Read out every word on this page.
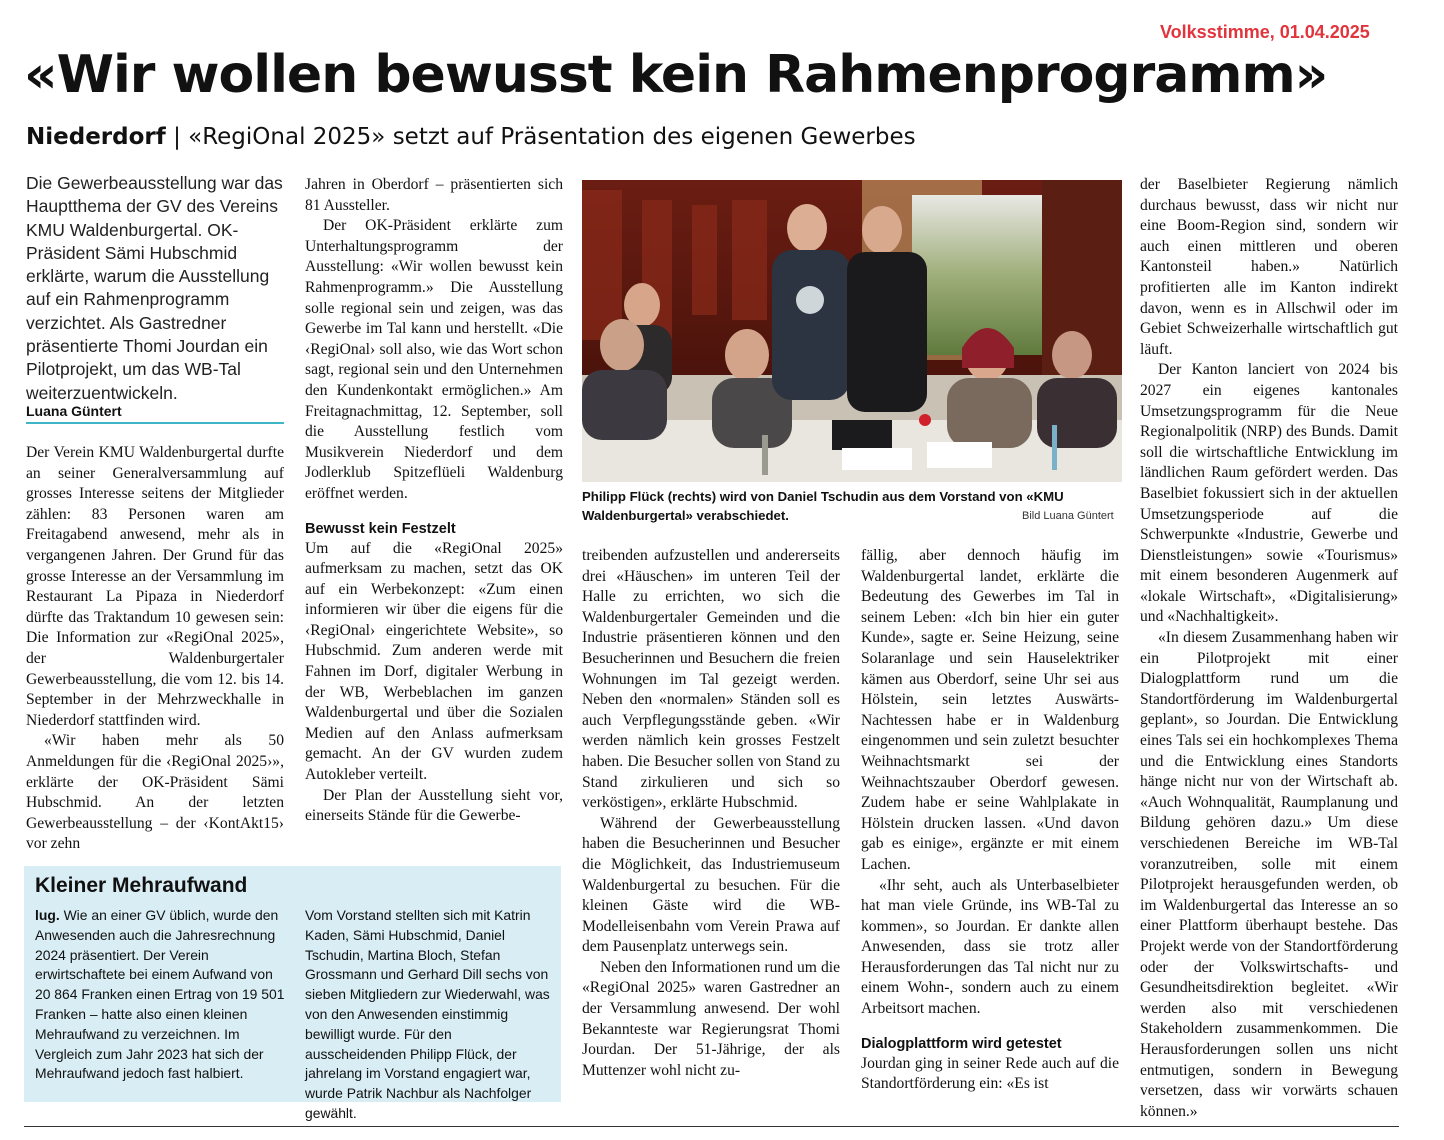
Volksstimme, 01.04.2025
«Wir wollen bewusst kein Rahmenprogramm»
Niederdorf | «RegiOnal 2025» setzt auf Präsentation des eigenen Gewerbes

Die Gewerbeausstellung war das Hauptthema der GV des Vereins KMU Waldenburgertal. OK-Präsident Sämi Hubschmid erklärte, warum die Ausstellung auf ein Rahmenprogramm verzichtet. Als Gastredner präsentierte Thomi Jourdan ein Pilotprojekt, um das WB-Tal weiterzuentwickeln.

Luana Güntert

Der Verein KMU Waldenburgertal durfte an seiner Generalversammlung auf grosses Interesse seitens der Mitglieder zählen: 83 Personen waren am Freitagabend anwesend, mehr als in vergangenen Jahren. Der Grund für das grosse Interesse an der Versammlung im Restaurant La Pipaza in Niederdorf dürfte das Traktandum 10 gewesen sein: Die Information zur «RegiOnal 2025», der Waldenburgertaler Gewerbeausstellung, die vom 12. bis 14. September in der Mehrzweckhalle in Niederdorf stattfinden wird.

«Wir haben mehr als 50 Anmeldungen für die ‹RegiOnal 2025›», erklärte der OK-Präsident Sämi Hubschmid. An der letzten Gewerbeausstellung – der ‹KontAkt15› vor zehn

Jahren in Oberdorf – präsentierten sich 81 Aussteller.

Der OK-Präsident erklärte zum Unterhaltungsprogramm der Ausstellung: «Wir wollen bewusst kein Rahmenprogramm.» Die Ausstellung solle regional sein und zeigen, was das Gewerbe im Tal kann und herstellt. «Die ‹RegiOnal› soll also, wie das Wort schon sagt, regional sein und den Unternehmen den Kundenkontakt ermöglichen.» Am Freitagnachmittag, 12. September, soll die Ausstellung festlich vom Musikverein Niederdorf und dem Jodlerklub Spitzeflüeli Waldenburg eröffnet werden.

Bewusst kein Festzelt

Um auf die «RegiOnal 2025» aufmerksam zu machen, setzt das OK auf ein Werbekonzept: «Zum einen informieren wir über die eigens für die ‹RegiOnal› eingerichtete Website», so Hubschmid. Zum anderen werde mit Fahnen im Dorf, digitaler Werbung in der WB, Werbeblachen im ganzen Waldenburgertal und über die Sozialen Medien auf den Anlass aufmerksam gemacht. An der GV wurden zudem Autokleber verteilt.

Der Plan der Ausstellung sieht vor, einerseits Stände für die Gewerbe-

Philipp Flück (rechts) wird von Daniel Tschudin aus dem Vorstand von «KMU Waldenburgertal» verabschiedet.	Bild Luana Güntert

treibenden aufzustellen und andererseits drei «Häuschen» im unteren Teil der Halle zu errichten, wo sich die Waldenburgertaler Gemeinden und die Industrie präsentieren können und den Besucherinnen und Besuchern die freien Wohnungen im Tal gezeigt werden. Neben den «normalen» Ständen soll es auch Verpflegungsstände geben. «Wir werden nämlich kein grosses Festzelt haben. Die Besucher sollen von Stand zu Stand zirkulieren und sich so verköstigen», erklärte Hubschmid.

Während der Gewerbeausstellung haben die Besucherinnen und Besucher die Möglichkeit, das Industriemuseum Waldenburgertal zu besuchen. Für die kleinen Gäste wird die WB-Modelleisenbahn vom Verein Prawa auf dem Pausenplatz unterwegs sein.

Neben den Informationen rund um die «RegiOnal 2025» waren Gastredner an der Versammlung anwesend. Der wohl Bekannteste war Regierungsrat Thomi Jourdan. Der 51-Jährige, der als Muttenzer wohl nicht zu-

fällig, aber dennoch häufig im Waldenburgertal landet, erklärte die Bedeutung des Gewerbes im Tal in seinem Leben: «Ich bin hier ein guter Kunde», sagte er. Seine Heizung, seine Solaranlage und sein Hauselektriker kämen aus Oberdorf, seine Uhr sei aus Hölstein, sein letztes Auswärts-Nachtessen habe er in Waldenburg eingenommen und sein zuletzt besuchter Weihnachtsmarkt sei der Weihnachtszauber Oberdorf gewesen. Zudem habe er seine Wahlplakate in Hölstein drucken lassen. «Und davon gab es einige», ergänzte er mit einem Lachen.

«Ihr seht, auch als Unterbaselbieter hat man viele Gründe, ins WB-Tal zu kommen», so Jourdan. Er dankte allen Anwesenden, dass sie trotz aller Herausforderungen das Tal nicht nur zu einem Wohn-, sondern auch zu einem Arbeitsort machen.

Dialogplattform wird getestet

Jourdan ging in seiner Rede auch auf die Standortförderung ein: «Es ist

der Baselbieter Regierung nämlich durchaus bewusst, dass wir nicht nur eine Boom-Region sind, sondern wir auch einen mittleren und oberen Kantonsteil haben.» Natürlich profitierten alle im Kanton indirekt davon, wenn es in Allschwil oder im Gebiet Schweizerhalle wirtschaftlich gut läuft.

Der Kanton lanciert von 2024 bis 2027 ein eigenes kantonales Umsetzungsprogramm für die Neue Regionalpolitik (NRP) des Bunds. Damit soll die wirtschaftliche Entwicklung im ländlichen Raum gefördert werden. Das Baselbiet fokussiert sich in der aktuellen Umsetzungsperiode auf die Schwerpunkte «Industrie, Gewerbe und Dienstleistungen» sowie «Tourismus» mit einem besonderen Augenmerk auf «lokale Wirtschaft», «Digitalisierung» und «Nachhaltigkeit».

«In diesem Zusammenhang haben wir ein Pilotprojekt mit einer Dialogplattform rund um die Standortförderung im Waldenburgertal geplant», so Jourdan. Die Entwicklung eines Tals sei ein hochkomplexes Thema und die Entwicklung eines Standorts hänge nicht nur von der Wirtschaft ab. «Auch Wohnqualität, Raumplanung und Bildung gehören dazu.» Um diese verschiedenen Bereiche im WB-Tal voranzutreiben, solle mit einem Pilotprojekt herausgefunden werden, ob im Waldenburgertal das Interesse an so einer Plattform überhaupt bestehe. Das Projekt werde von der Standortförderung oder der Volkswirtschafts- und Gesundheitsdirektion begleitet. «Wir werden also mit verschiedenen Stakeholdern zusammenkommen. Die Herausforderungen sollen uns nicht entmutigen, sondern in Bewegung versetzen, dass wir vorwärts schauen können.»

Kleiner Mehraufwand
lug. Wie an einer GV üblich, wurde den Anwesenden auch die Jahresrechnung 2024 präsentiert. Der Verein erwirtschaftete bei einem Aufwand von 20 864 Franken einen Ertrag von 19 501 Franken – hatte also einen kleinen Mehraufwand zu verzeichnen. Im Vergleich zum Jahr 2023 hat sich der Mehraufwand jedoch fast halbiert.
Vom Vorstand stellten sich mit Katrin Kaden, Sämi Hubschmid, Daniel Tschudin, Martina Bloch, Stefan Grossmann und Gerhard Dill sechs von sieben Mitgliedern zur Wiederwahl, was von den Anwesenden einstimmig bewilligt wurde. Für den ausscheidenden Philipp Flück, der jahrelang im Vorstand engagiert war, wurde Patrik Nachbur als Nachfolger gewählt.
